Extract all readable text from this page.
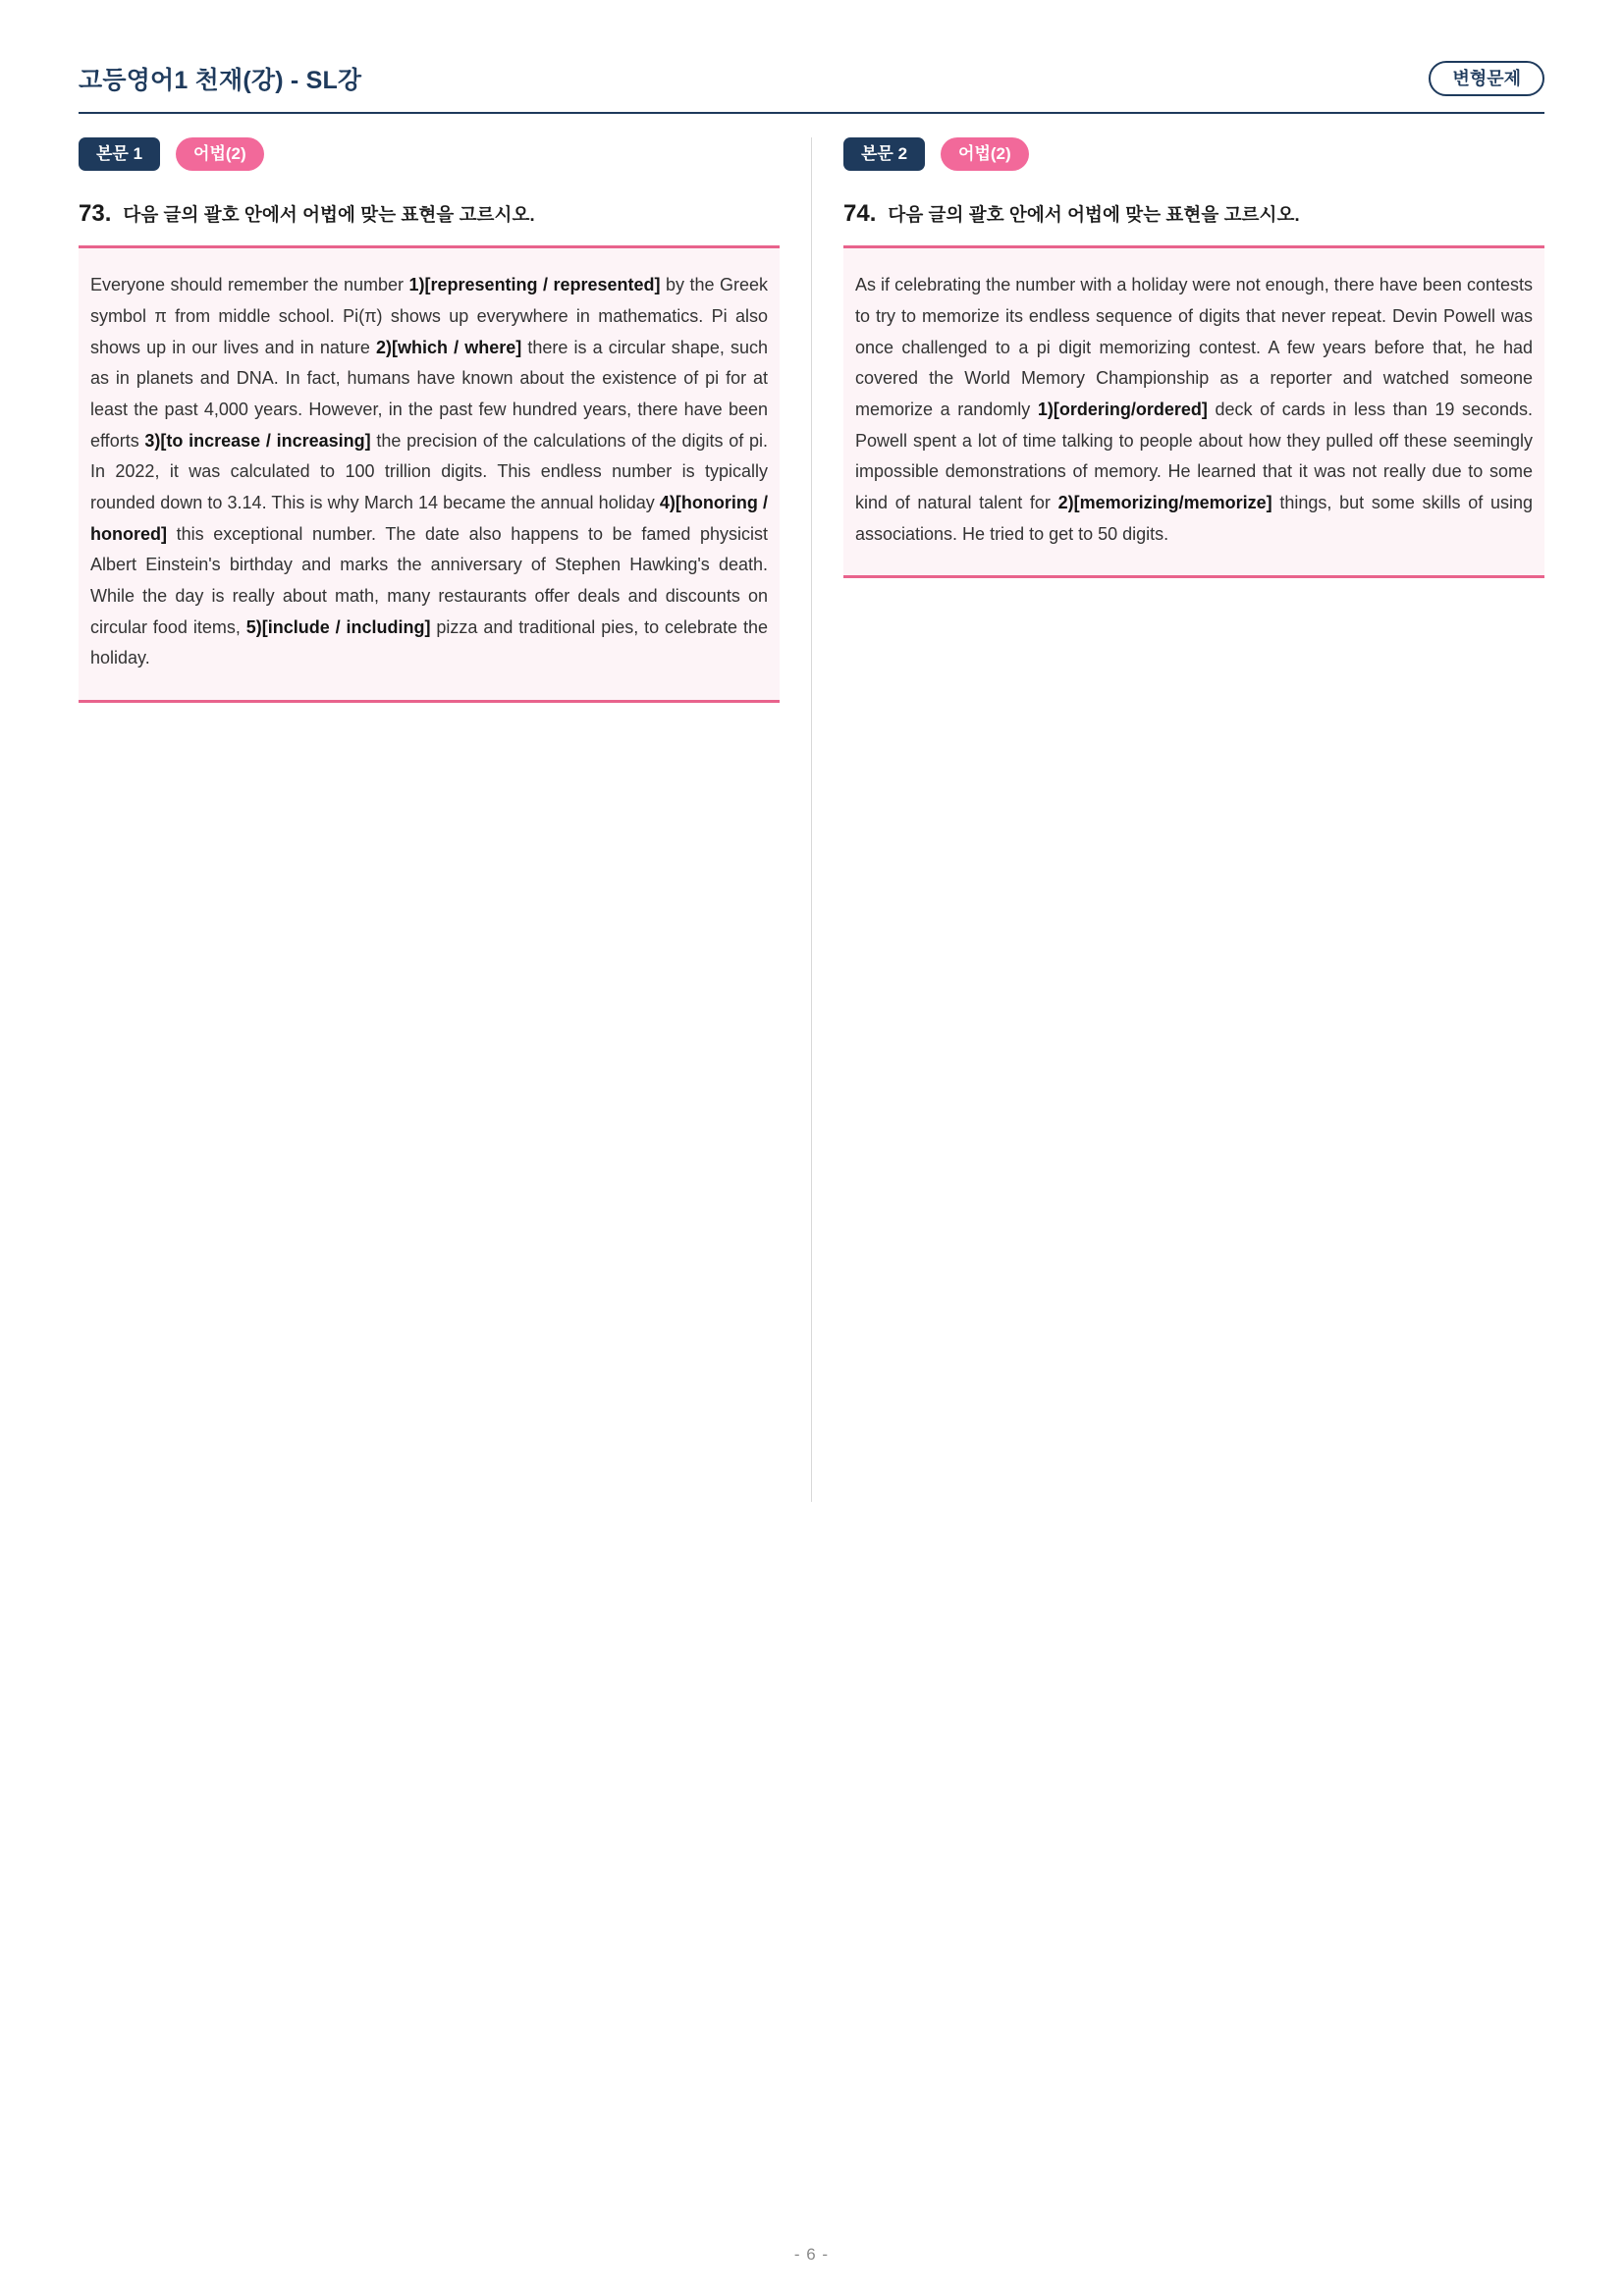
고등영어1 천재(강) - SL강	변형문제
본문 1	어법(2)
73. 다음 글의 괄호 안에서 어법에 맞는 표현을 고르시오.
Everyone should remember the number 1)[representing / represented] by the Greek symbol π from middle school. Pi(π) shows up everywhere in mathematics. Pi also shows up in our lives and in nature 2)[which / where] there is a circular shape, such as in planets and DNA. In fact, humans have known about the existence of pi for at least the past 4,000 years. However, in the past few hundred years, there have been efforts 3)[to increase / increasing] the precision of the calculations of the digits of pi. In 2022, it was calculated to 100 trillion digits. This endless number is typically rounded down to 3.14. This is why March 14 became the annual holiday 4)[honoring / honored] this exceptional number. The date also happens to be famed physicist Albert Einstein's birthday and marks the anniversary of Stephen Hawking's death. While the day is really about math, many restaurants offer deals and discounts on circular food items, 5)[include / including] pizza and traditional pies, to celebrate the holiday.
본문 2	어법(2)
74. 다음 글의 괄호 안에서 어법에 맞는 표현을 고르시오.
As if celebrating the number with a holiday were not enough, there have been contests to try to memorize its endless sequence of digits that never repeat. Devin Powell was once challenged to a pi digit memorizing contest. A few years before that, he had covered the World Memory Championship as a reporter and watched someone memorize a randomly 1)[ordering/ordered] deck of cards in less than 19 seconds. Powell spent a lot of time talking to people about how they pulled off these seemingly impossible demonstrations of memory. He learned that it was not really due to some kind of natural talent for 2)[memorizing/memorize] things, but some skills of using associations. He tried to get to 50 digits.
- 6 -
